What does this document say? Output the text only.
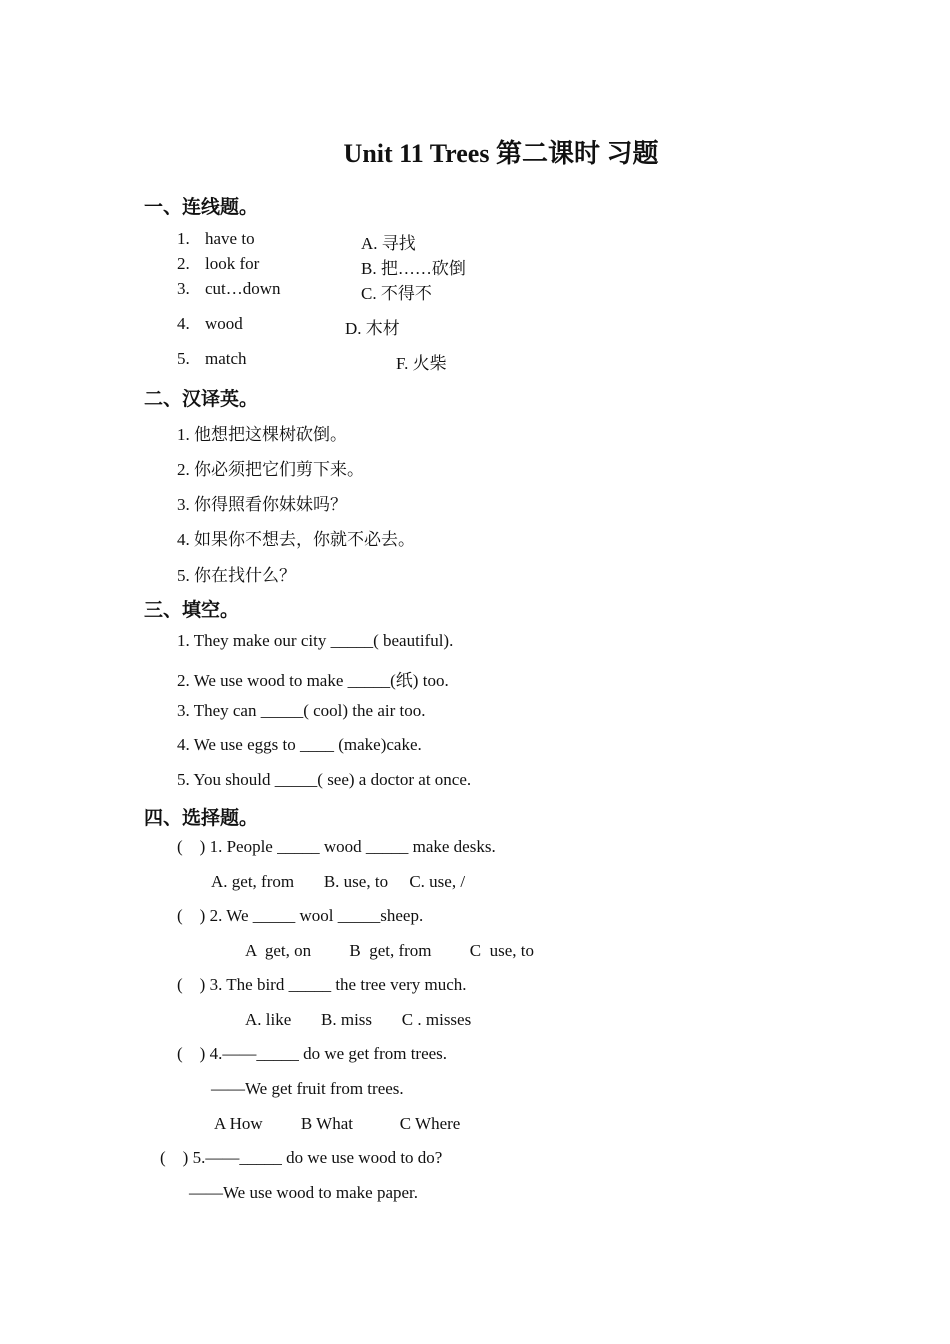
Unit 11 Trees 第二课时 习题
一、连线题。
1. have to
2. look for
3. cut…down
4. wood
5. match
A. 寻找
B. 把……砍倒
C. 不得不
D. 木材
F. 火柴
二、汉译英。
1. 他想把这棵树砍倒。
2. 你必须把它们剪下来。
3. 你得照看你妹妹吗？
4. 如果你不想去，你就不必去。
5. 你在找什么？
三、填空。
1. They make our city _____( beautiful).
2. We use wood to make _____(纸) too.
3. They can _____( cool) the air too.
4. We use eggs to ____ (make)cake.
5. You should _____( see) a doctor at once.
四、选择题。
(    ) 1. People _____ wood _____ make desks.
A. get, from       B. use, to     C. use, /
(    ) 2. We _____ wool _____sheep.
A  get, on         B  get, from         C  use, to
(    ) 3. The bird _____ the tree very much.
A. like       B. miss       C . misses
(    ) 4.——_____ do we get from trees.
——We get fruit from trees.
A How         B What           C Where
(    ) 5.——_____ do we use wood to do?
——We use wood to make paper.
